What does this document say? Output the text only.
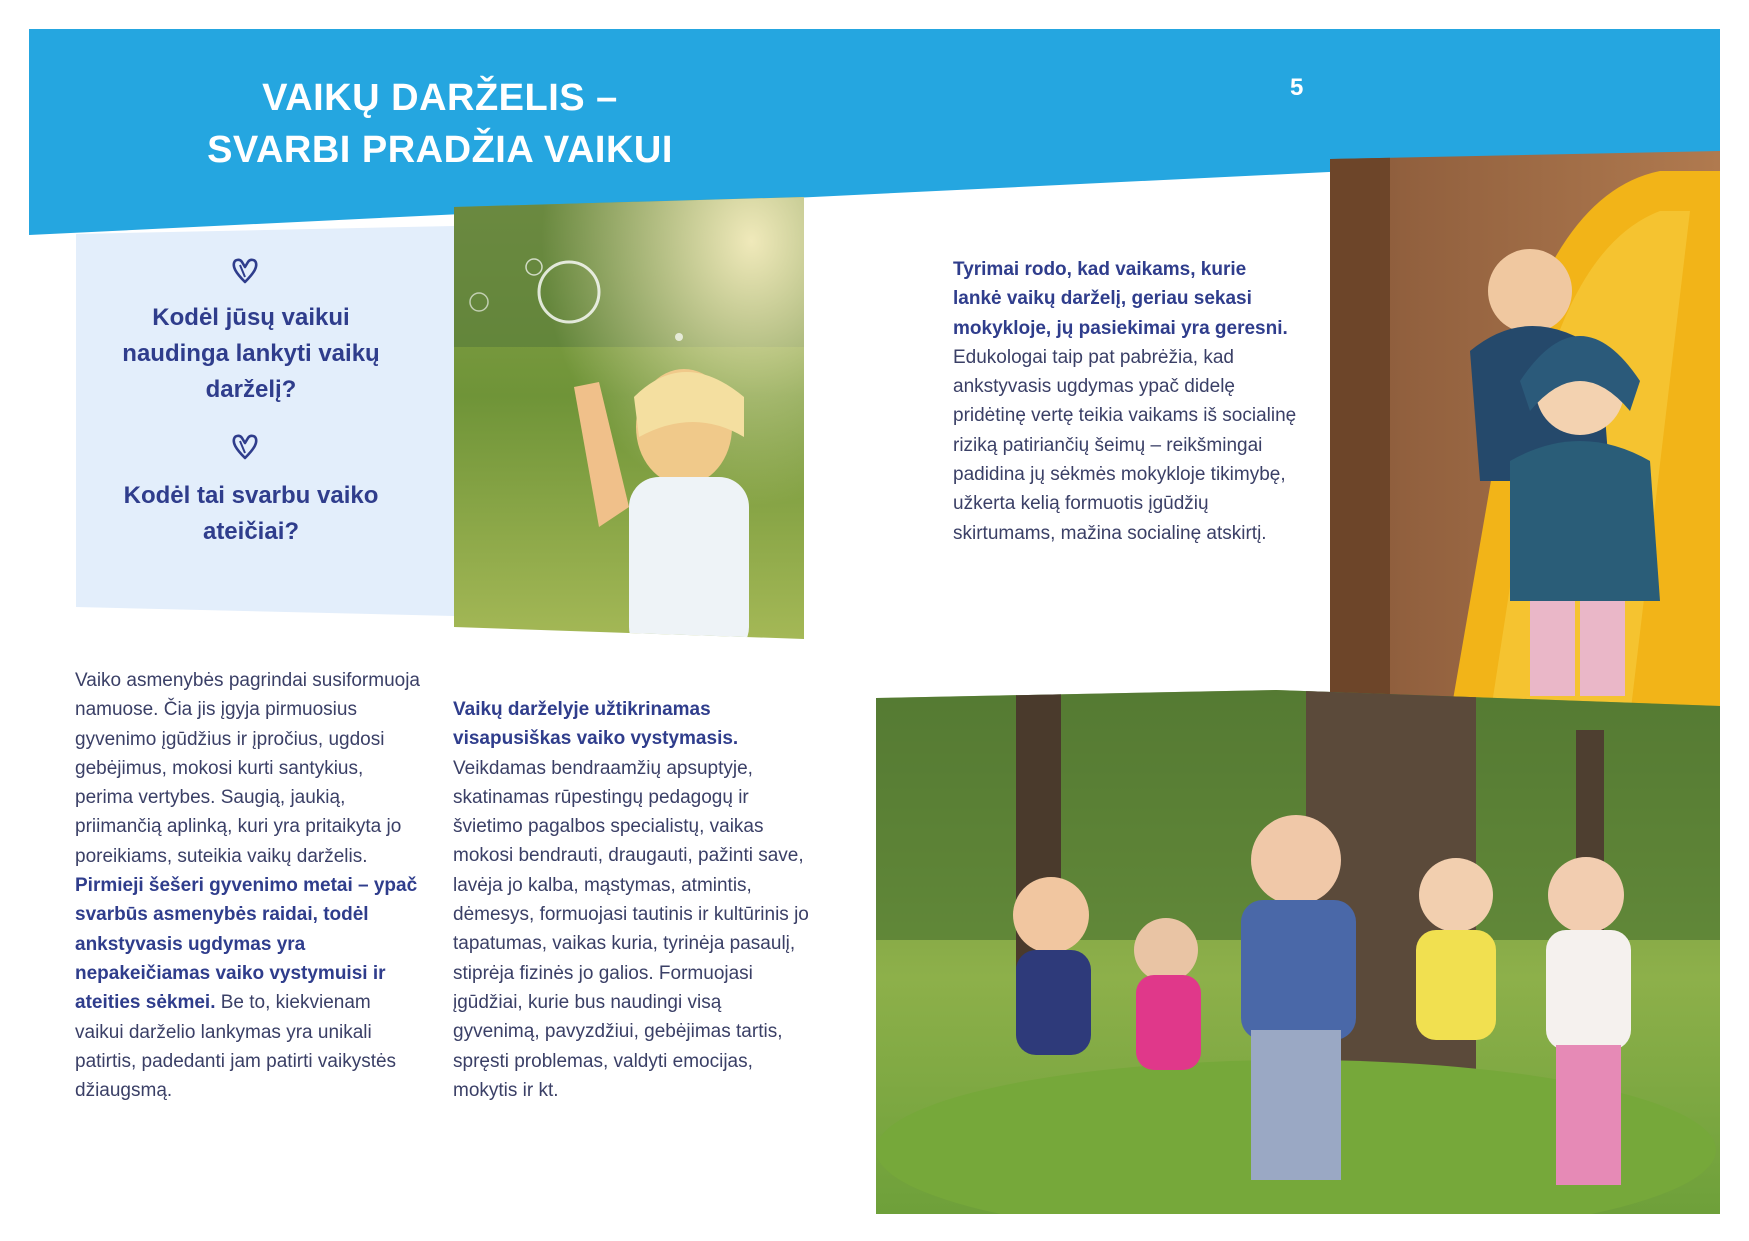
VAIKŲ DARŽELIS –
SVARBI PRADŽIA VAIKUI
5
Kodėl jūsų vaikui naudinga lankyti vaikų darželį?
Kodėl tai svarbu vaiko ateičiai?
Vaiko asmenybės pagrindai susiformuoja namuose. Čia jis įgyja pirmuosius gyvenimo įgūdžius ir įpročius, ugdosi gebėjimus, mokosi kurti santykius, perima vertybes. Saugią, jaukią, priimančią aplinką, kuri yra pritaikyta jo poreikiams, suteikia vaikų darželis. Pirmieji šešeri gyvenimo metai – ypač svarbūs asmenybės raidai, todėl ankstyvasis ugdymas yra nepakeičiamas vaiko vystymuisi ir ateities sėkmei. Be to, kiekvienam vaikui darželio lankymas yra unikali patirtis, padedanti jam patirti vaikystės džiaugsmą.
Vaikų darželyje užtikrinamas visapusiškas vaiko vystymasis. Veikdamas bendraamžių apsuptyje, skatinamas rūpestingų pedagogų ir švietimo pagalbos specialistų, vaikas mokosi bendrauti, draugauti, pažinti save, lavėja jo kalba, mąstymas, atmintis, dėmesys, formuojasi tautinis ir kultūrinis jo tapatumas, vaikas kuria, tyrinėja pasaulį, stiprėja fizinės jo galios. Formuojasi įgūdžiai, kurie bus naudingi visą gyvenimą, pavyzdžiui, gebėjimas tartis, spręsti problemas, valdyti emocijas, mokytis ir kt.
Tyrimai rodo, kad vaikams, kurie lankė vaikų darželį, geriau sekasi mokykloje, jų pasiekimai yra geresni. Edukologai taip pat pabrėžia, kad ankstyvasis ugdymas ypač didelę pridėtinę vertę teikia vaikams iš socialinę riziką patiriančių šeimų – reikšmingai padidina jų sėkmės mokykloje tikimybę, užkerta kelią formuotis įgūdžių skirtumams, mažina socialinę atskirtį.
